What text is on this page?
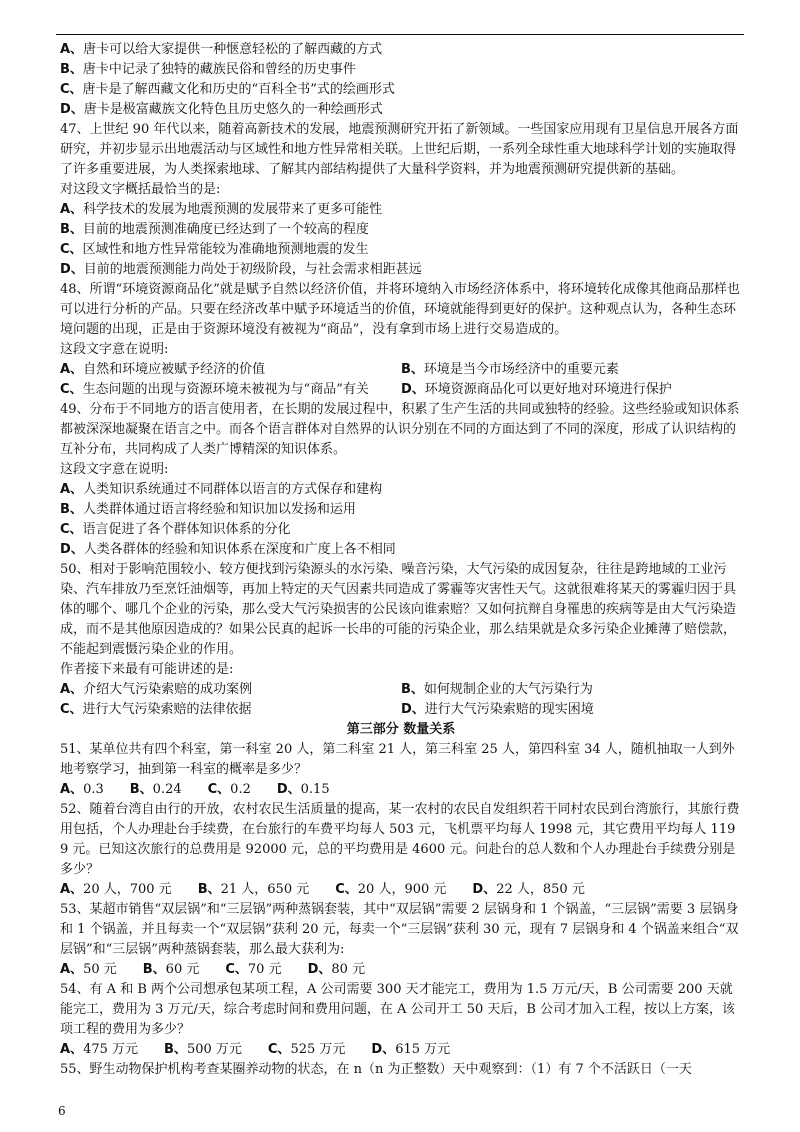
A、唐卡可以给大家提供一种惬意轻松的了解西藏的方式

B、唐卡中记录了独特的藏族民俗和曾经的历史事件

C、唐卡是了解西藏文化和历史的“百科全书”式的绘画形式

D、唐卡是极富藏族文化特色且历史悠久的一种绘画形式

47、上世纪 90 年代以来，随着高新技术的发展，地震预测研究开拓了新领域。一些国家应用现有卫星信息开展各方面研究，并初步显示出地震活动与区域性和地方性异常相关联。上世纪后期，一系列全球性重大地球科学计划的实施取得了许多重要进展，为人类探索地球、了解其内部结构提供了大量科学资料，并为地震预测研究提供新的基础。

对这段文字概括最恰当的是:

A、科学技术的发展为地震预测的发展带来了更多可能性

B、目前的地震预测准确度已经达到了一个较高的程度

C、区域性和地方性异常能较为准确地预测地震的发生

D、目前的地震预测能力尚处于初级阶段，与社会需求相距甚远

48、所谓“环境资源商品化”就是赋予自然以经济价值，并将环境纳入市场经济体系中，将环境转化成像其他商品那样也可以进行分析的产品。只要在经济改革中赋予环境适当的价值，环境就能得到更好的保护。这种观点认为，各种生态环境问题的出现，正是由于资源环境没有被视为“商品”，没有拿到市场上进行交易造成的。

这段文字意在说明:

A、自然和环境应被赋予经济的价值	B、环境是当今市场经济中的重要元素
C、生态问题的出现与资源环境未被视为与“商品”有关	D、环境资源商品化可以更好地对环境进行保护

49、分布于不同地方的语言使用者，在长期的发展过程中，积累了生产生活的共同或独特的经验。这些经验或知识体系都被深深地凝聚在语言之中。而各个语言群体对自然界的认识分别在不同的方面达到了不同的深度，形成了认识结构的互补分布，共同构成了人类广博精深的知识体系。

这段文字意在说明:

A、人类知识系统通过不同群体以语言的方式保存和建构

B、人类群体通过语言将经验和知识加以发扬和运用

C、语言促进了各个群体知识体系的分化

D、人类各群体的经验和知识体系在深度和广度上各不相同

50、相对于影响范围较小、较方便找到污染源头的水污染、噪音污染，大气污染的成因复杂，往往是跨地域的工业污染、汽车排放乃至烹饪油烟等，再加上特定的天气因素共同造成了雾霾等灾害性天气。这就很难将某天的雾霾归因于具体的哪个、哪几个企业的污染，那么受大气污染损害的公民该向谁索赔？又如何抗辩自身罹患的疾病等是由大气污染造成，而不是其他原因造成的？如果公民真的起诉一长串的可能的污染企业，那么结果就是众多污染企业摊薄了赔偿款，不能起到震慑污染企业的作用。

作者接下来最有可能讲述的是:

A、介绍大气污染索赔的成功案例	B、如何规制企业的大气污染行为
C、进行大气污染索赔的法律依据	D、进行大气污染索赔的现实困境
第三部分 数量关系

51、某单位共有四个科室，第一科室 20 人，第二科室 21 人，第三科室 25 人，第四科室 34 人，随机抽取一人到外地考察学习，抽到第一科室的概率是多少？

A、0.3 B、0.24 C、0.2 D、0.15

52、随着台湾自由行的开放，农村农民生活质量的提高，某一农村的农民自发组织若干同村农民到台湾旅行，其旅行费用包括，个人办理赴台手续费，在台旅行的车费平均每人 503 元，飞机票平均每人 1998 元，其它费用平均每人 1199 元。已知这次旅行的总费用是 92000 元，总的平均费用是 4600 元。问赴台的总人数和个人办理赴台手续费分别是多少？

A、20 人，700 元 B、21 人，650 元 C、20 人，900 元 D、22 人，850 元

53、某超市销售“双层锅”和“三层锅”两种蒸锅套装，其中“双层锅”需要 2 层锅身和 1 个锅盖，“三层锅”需要 3 层锅身和 1 个锅盖，并且每卖一个“双层锅”获利 20 元，每卖一个“三层锅”获利 30 元，现有 7 层锅身和 4 个锅盖来组合“双层锅”和“三层锅”两种蒸锅套装，那么最大获利为:

A、50 元 B、60 元 C、70 元 D、80 元

54、有 A 和 B 两个公司想承包某项工程，A 公司需要 300 天才能完工，费用为 1.5 万元/天，B 公司需要 200 天就能完工，费用为 3 万元/天，综合考虑时间和费用问题，在 A 公司开工 50 天后，B 公司才加入工程，按以上方案，该项工程的费用为多少？

A、475 万元 B、500 万元 C、525 万元 D、615 万元

55、野生动物保护机构考查某圈养动物的状态，在 n（n 为正整数）天中观察到：（1）有 7 个不活跃日（一天

6
